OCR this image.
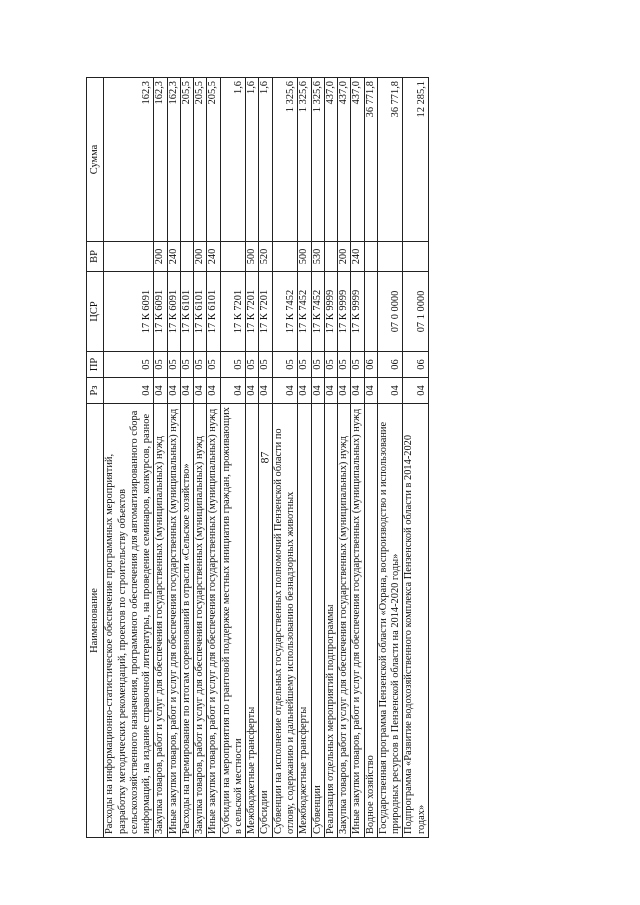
87
Наименование	Рз	ПР	ЦСР	ВР	Сумма
Расходы на информационно-статистическое обеспечение программных мероприятий, разработку методических рекомендаций, проектов по строительству объектов сельскохозяйственного назначения, программного обеспечения для автоматизированного сбора информаций, на издание справочной литературы, на проведение семинаров, конкурсов, разное	04	05	17 К 6091		162,3
Закупка товаров, работ и услуг для обеспечения государственных (муниципальных) нужд	04	05	17 К 6091	200	162,3
Иные закупки товаров, работ и услуг для обеспечения государственных (муниципальных) нужд	04	05	17 К 6091	240	162,3
Расходы на премирование по итогам соревнований в отрасли «Сельское хозяйство»	04	05	17 К 6101		205,5
Закупка товаров, работ и услуг для обеспечения государственных (муниципальных) нужд	04	05	17 К 6101	200	205,5
Иные закупки товаров, работ и услуг для обеспечения государственных (муниципальных) нужд	04	05	17 К 6101	240	205,5
Субсидии на мероприятия по грантовой поддержке местных инициатив граждан, проживающих в сельской местности	04	05	17 К 7201		1,6
Межбюджетные трансферты	04	05	17 К 7201	500	1,6
Субсидии	04	05	17 К 7201	520	1,6
Субвенции на исполнение отдельных государственных полномочий Пензенской области по отлову, содержанию и дальнейшему использованию безнадзорных животных	04	05	17 К 7452		1 325,6
Межбюджетные трансферты	04	05	17 К 7452	500	1 325,6
Субвенции	04	05	17 К 7452	530	1 325,6
Реализация отдельных мероприятий подпрограммы	04	05	17 К 9999		437,0
Закупка товаров, работ и услуг для обеспечения государственных (муниципальных) нужд	04	05	17 К 9999	200	437,0
Иные закупки товаров, работ и услуг для обеспечения государственных (муниципальных) нужд	04	05	17 К 9999	240	437,0
Водное хозяйство	04	06			36 771,8
Государственная программа Пензенской области «Охрана, воспроизводство и использование природных ресурсов в Пензенской области на 2014-2020 годы»	04	06	07 0 0000		36 771,8
Подпрограмма «Развитие водохозяйственного комплекса Пензенской области в 2014-2020 годах»	04	06	07 1 0000		12 285,1
